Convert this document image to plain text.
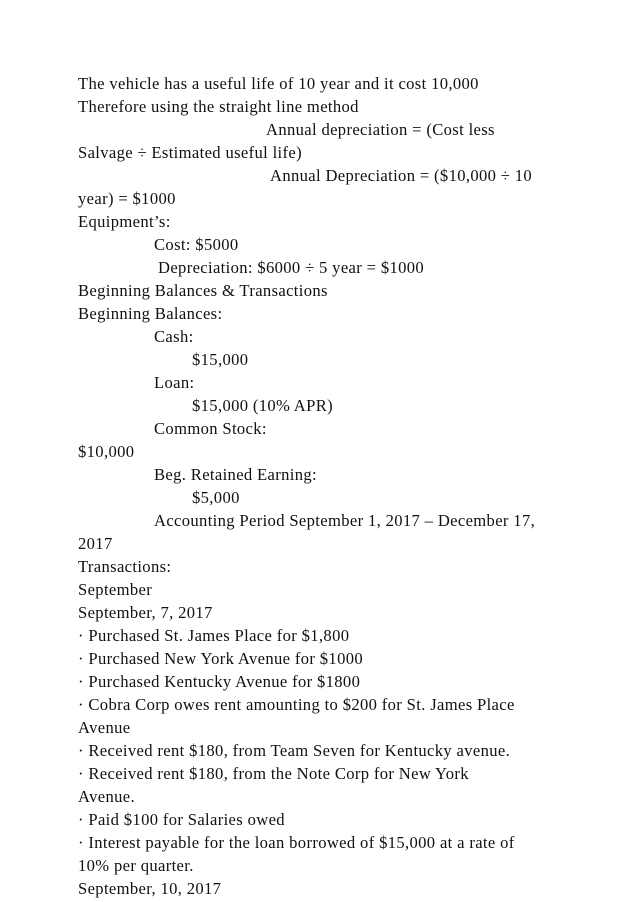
The vehicle has a useful life of 10 year and it cost 10,000
Therefore using the straight line method
Annual depreciation = (Cost less
Salvage ÷ Estimated useful life)
Annual Depreciation = ($10,000 ÷ 10
year) = $1000
Equipment’s:
Cost: $5000
Depreciation: $6000 ÷ 5 year = $1000
Beginning Balances & Transactions
Beginning Balances:
Cash:
$15,000
Loan:
$15,000 (10% APR)
Common Stock:
$10,000
Beg. Retained Earning:
$5,000
Accounting Period September 1, 2017 – December 17,
2017
Transactions:
September
September, 7, 2017
· Purchased St. James Place for $1,800
· Purchased New York Avenue for $1000
· Purchased Kentucky Avenue for $1800
· Cobra Corp owes rent amounting to $200 for St. James Place
Avenue
· Received rent $180, from Team Seven for Kentucky avenue.
· Received rent $180, from the Note Corp for New York
Avenue.
· Paid $100 for Salaries owed
· Interest payable for the loan borrowed of $15,000 at a rate of
10% per quarter.
September, 10, 2017
